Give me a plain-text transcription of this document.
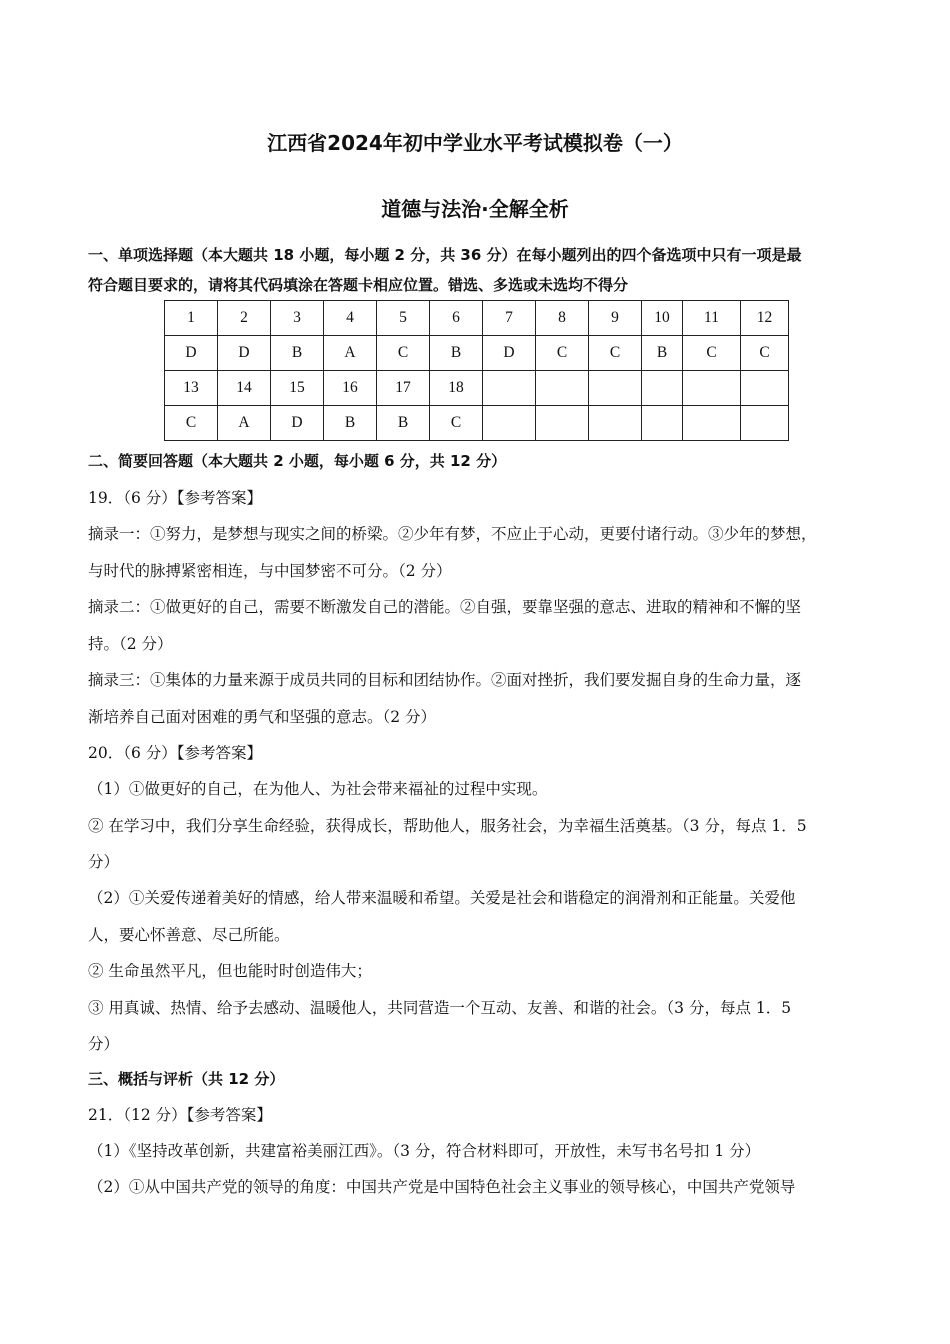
江西省2024年初中学业水平考试模拟卷（一）
道德与法治·全解全析
一、单项选择题（本大题共 18 小题，每小题 2 分，共 36 分）在每小题列出的四个备选项中只有一项是最
符合题目要求的，请将其代码填涂在答题卡相应位置。错选、多选或未选均不得分
1	2	3	4	5	6	7	8	9	10	11	12
D	D	B	A	C	B	D	C	C	B	C	C
13	14	15	16	17	18						
C	A	D	B	B	C						
二、简要回答题（本大题共 2 小题，每小题 6 分，共 12 分）
19．（6 分）【参考答案】
摘录一：①努力，是梦想与现实之间的桥梁。②少年有梦，不应止于心动，更要付诸行动。③少年的梦想，
与时代的脉搏紧密相连，与中国梦密不可分。（2 分）
摘录二：①做更好的自己，需要不断激发自己的潜能。②自强，要靠坚强的意志、进取的精神和不懈的坚
持。（2 分）
摘录三：①集体的力量来源于成员共同的目标和团结协作。②面对挫折，我们要发掘自身的生命力量，逐
渐培养自己面对困难的勇气和坚强的意志。（2 分）
20．（6 分）【参考答案】
（1）①做更好的自己，在为他人、为社会带来福祉的过程中实现。
② 在学习中，我们分享生命经验，获得成长，帮助他人，服务社会，为幸福生活奠基。（3 分，每点 1．5
分）
（2）①关爱传递着美好的情感，给人带来温暖和希望。关爱是社会和谐稳定的润滑剂和正能量。关爱他
人，要心怀善意、尽己所能。
② 生命虽然平凡，但也能时时创造伟大；
③ 用真诚、热情、给予去感动、温暖他人，共同营造一个互动、友善、和谐的社会。（3 分，每点 1．5
分）
三、概括与评析（共 12 分）
21．（12 分）【参考答案】
（1）《坚持改革创新，共建富裕美丽江西》。（3 分，符合材料即可，开放性，未写书名号扣 1 分）
（2）①从中国共产党的领导的角度：中国共产党是中国特色社会主义事业的领导核心，中国共产党领导
